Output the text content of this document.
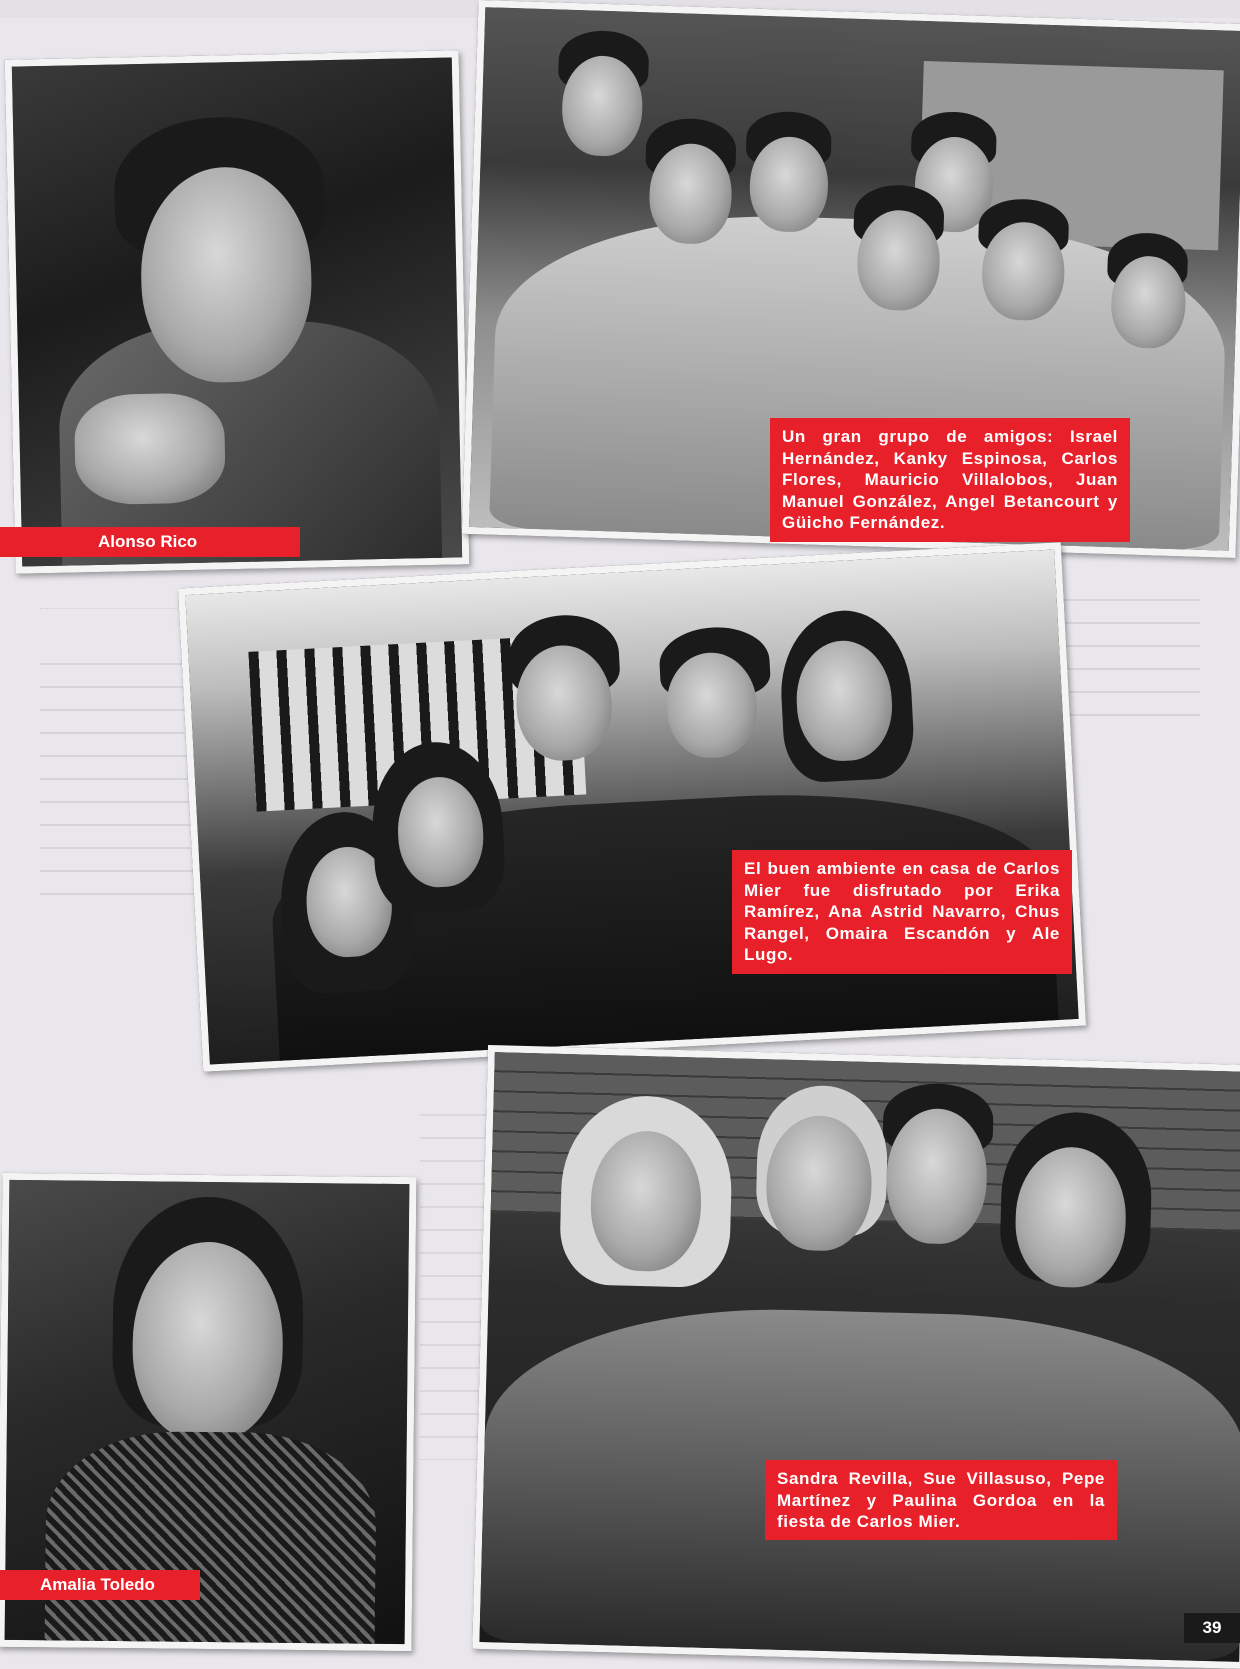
Alonso Rico

Un gran grupo de amigos: Israel Hernández, Kanky Espinosa, Carlos Flores, Mauricio Villalobos, Juan Manuel González, Angel Betancourt y Güicho Fernández.

El buen ambiente en casa de Carlos Mier fue disfrutado por Erika Ramírez, Ana Astrid Navarro, Chus Rangel, Omaira Escandón y Ale Lugo.

Amalia Toledo

Sandra Revilla, Sue Villasuso, Pepe Martínez y Paulina Gordoa en la fiesta de Carlos Mier.

39
